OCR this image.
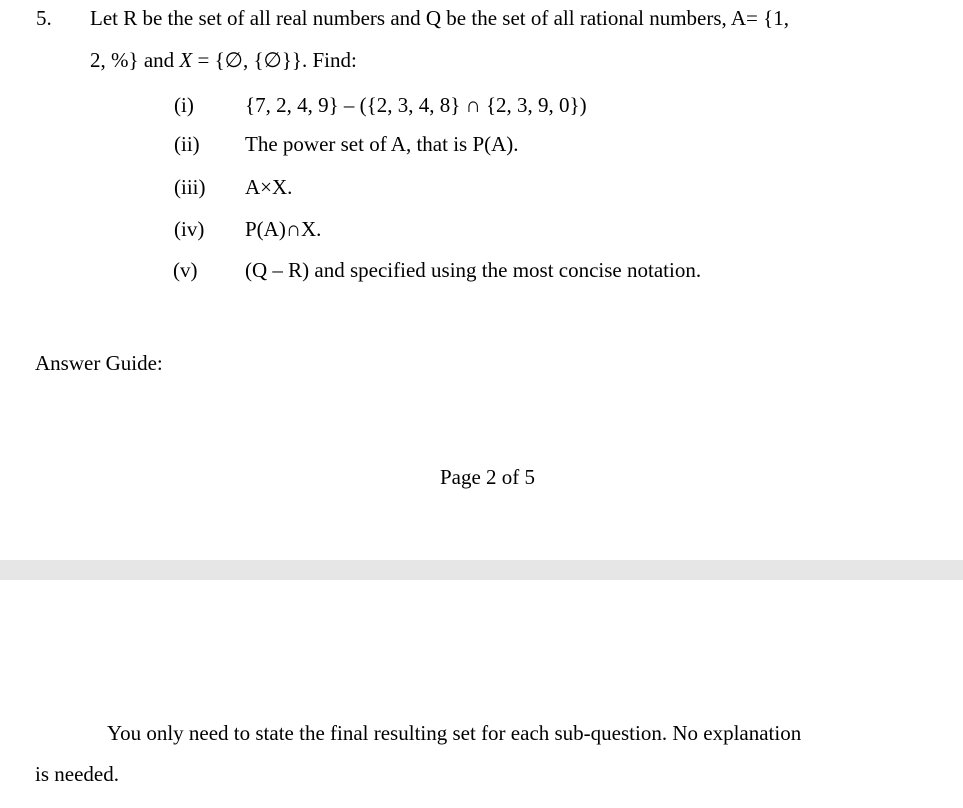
5. Let R be the set of all real numbers and Q be the set of all rational numbers, A= {1,
2, %} and X = {∅, {∅}}. Find:
(i)	{7, 2, 4, 9} – ({2, 3, 4, 8} ∩ {2, 3, 9, 0})
(ii)	The power set of A, that is P(A).
(iii)	A×X.
(iv)	P(A)∩X.
(v)	(Q – R) and specified using the most concise notation.
Answer Guide:
Page 2 of 5
You only need to state the final resulting set for each sub-question. No explanation
is needed.
